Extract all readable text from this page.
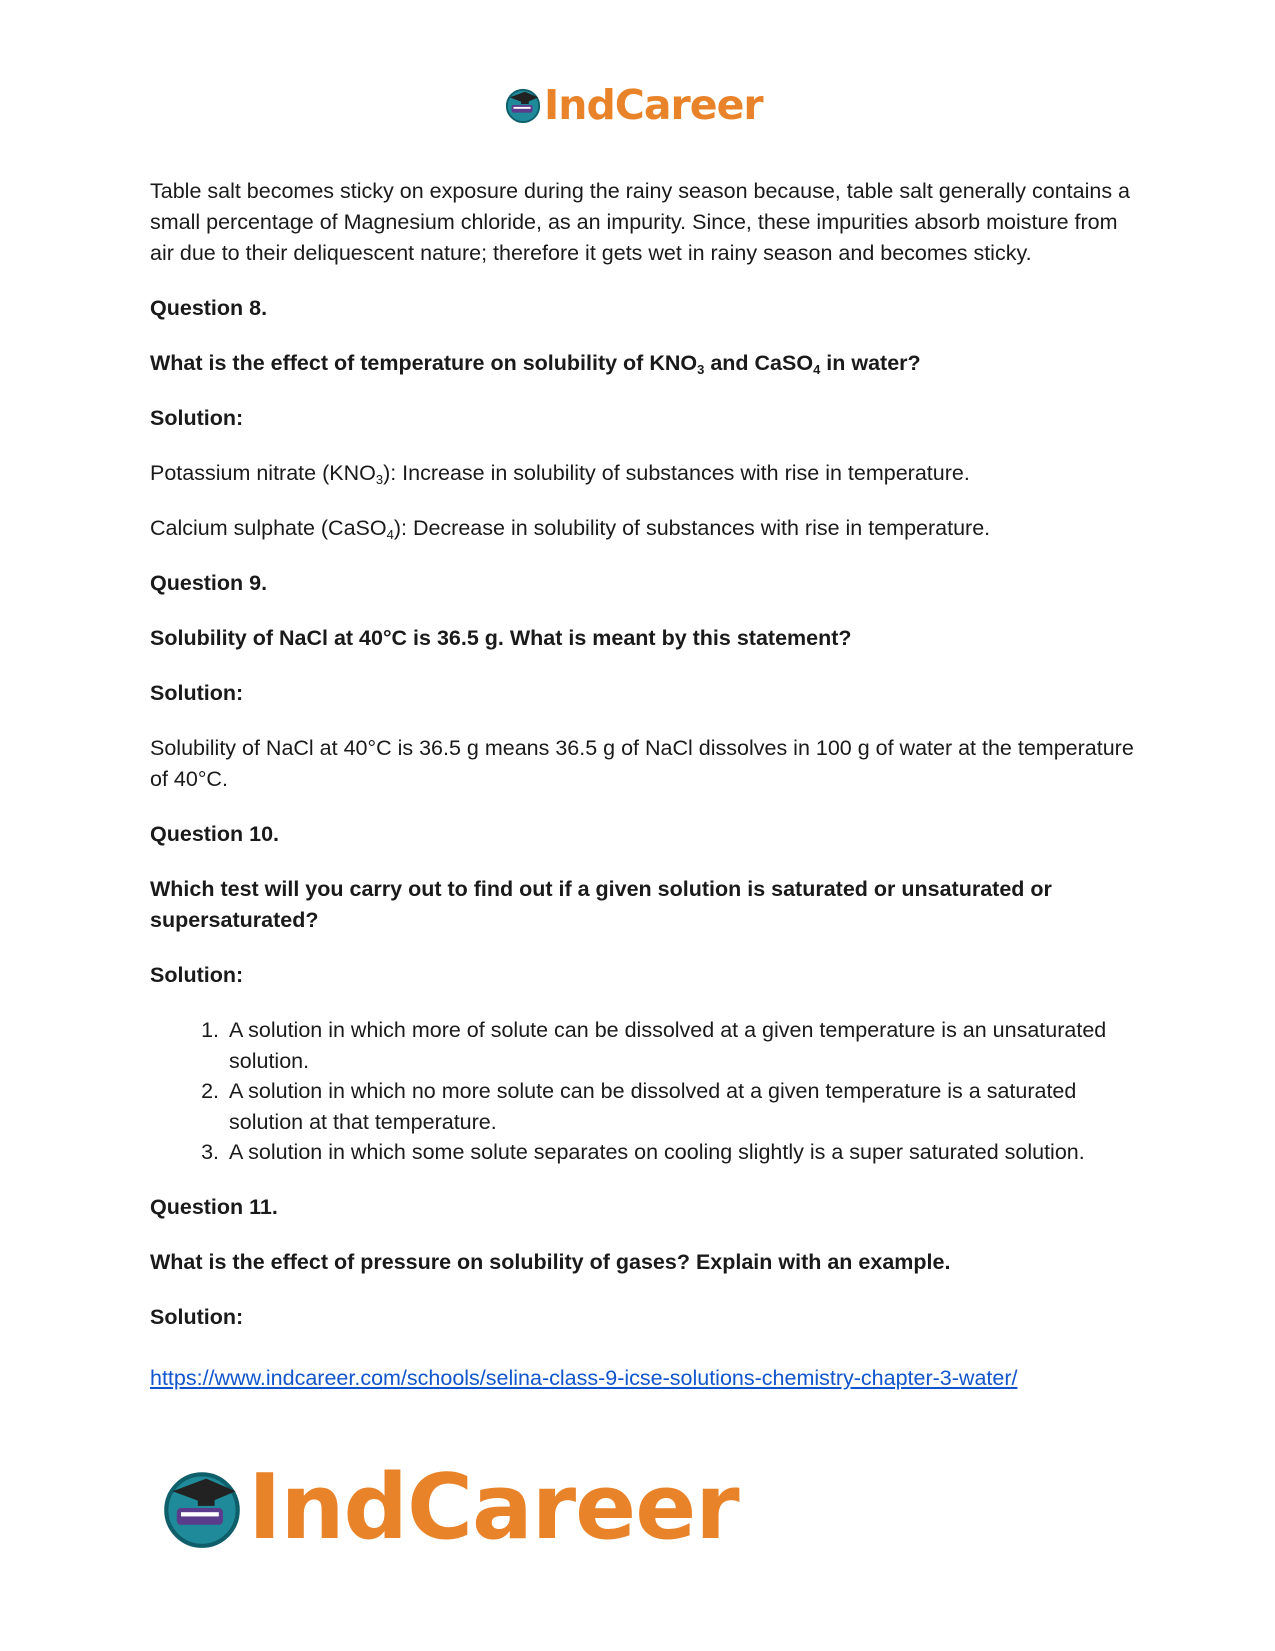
IndCareer

Table salt becomes sticky on exposure during the rainy season because, table salt generally contains a small percentage of Magnesium chloride, as an impurity. Since, these impurities absorb moisture from air due to their deliquescent nature; therefore it gets wet in rainy season and becomes sticky.

Question 8.

What is the effect of temperature on solubility of $KNO_3$ and CaSO$_4$ in water?

Solution:

Potassium nitrate $(KNO_3)$: Increase in solubility of substances with rise in temperature.

Calcium sulphate (CaSO$_4$): Decrease in solubility of substances with rise in temperature.

Question 9.

Solubility of NaCl at 40°C is 36.5 g. What is meant by this statement?

Solution:

Solubility of NaCl at 40°C is 36.5 g means 36.5 g of NaCl dissolves in 100 g of water at the temperature of 40°C.

Question 10.

Which test will you carry out to find out if a given solution is saturated or unsaturated or supersaturated?

Solution:

1. A solution in which more of solute can be dissolved at a given temperature is an unsaturated solution.
2. A solution in which no more solute can be dissolved at a given temperature is a saturated solution at that temperature.
3. A solution in which some solute separates on cooling slightly is a super saturated solution.

Question 11.

What is the effect of pressure on solubility of gases? Explain with an example.

Solution:

https://www.indcareer.com/schools/selina-class-9-icse-solutions-chemistry-chapter-3-water/

IndCareer
